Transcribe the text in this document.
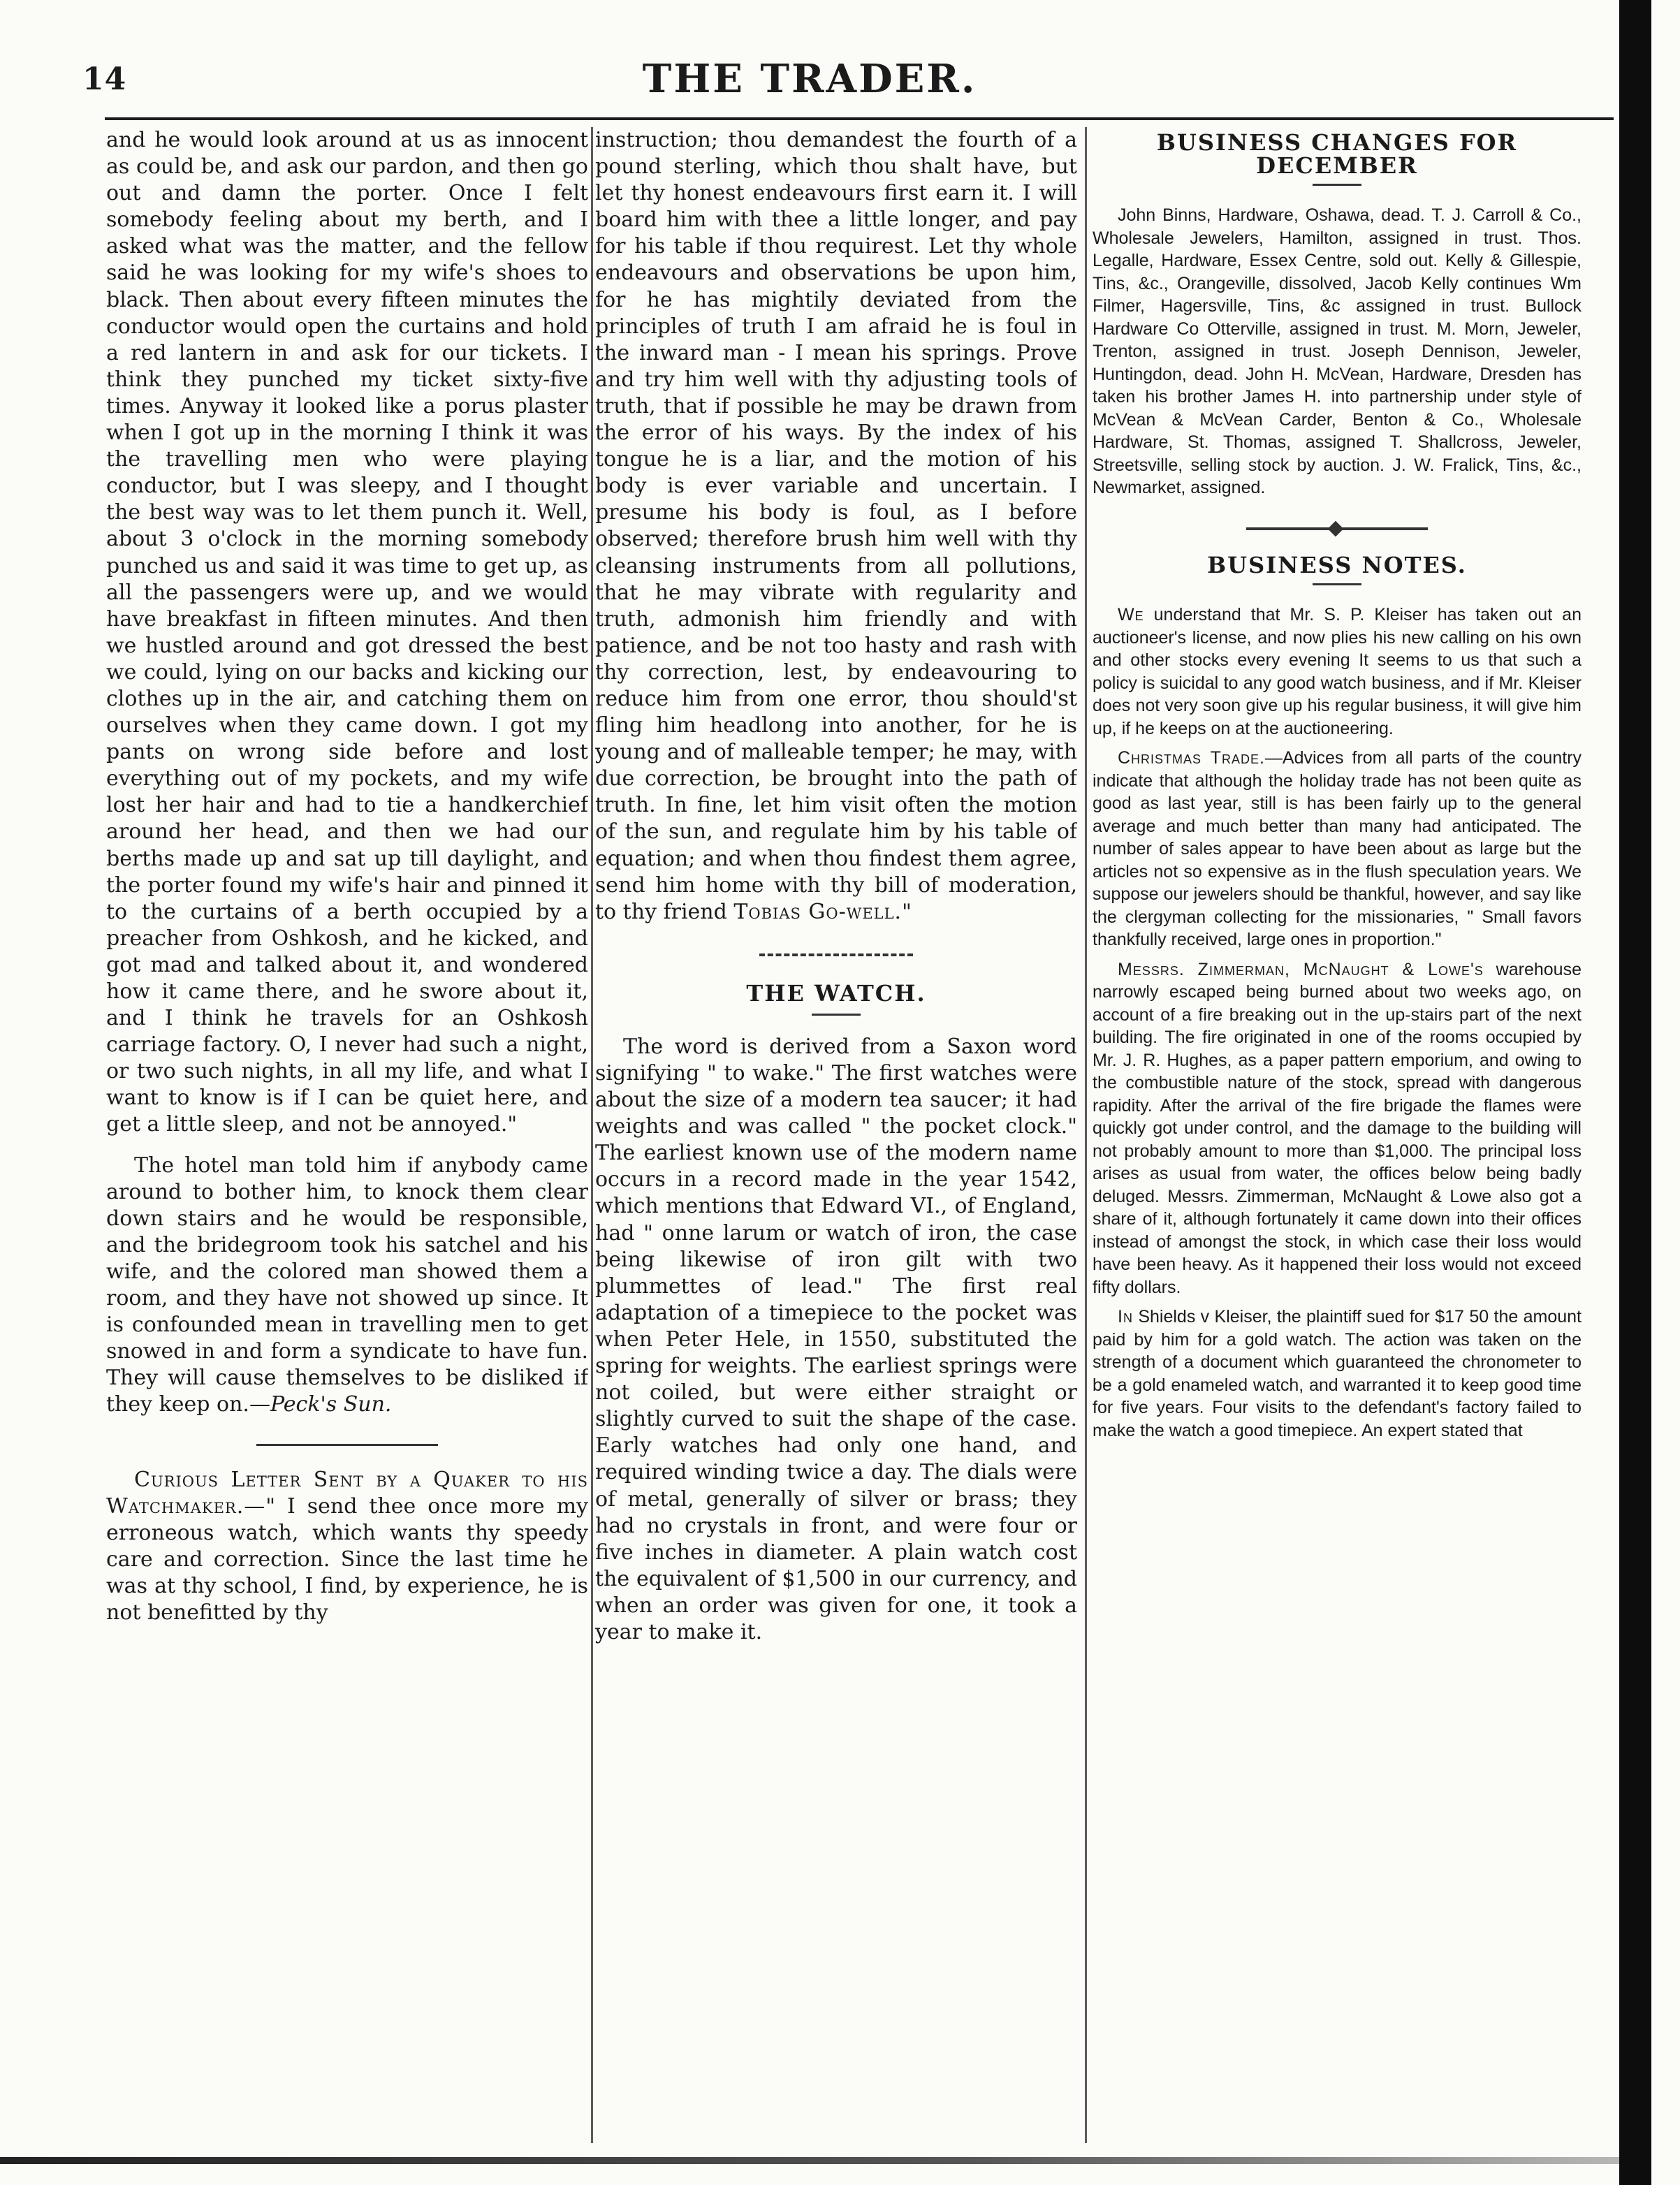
14	THE TRADER.

and he would look around at us as innocent as could be, and ask our pardon, and then go out and damn the porter. Once I felt somebody feeling about my berth, and I asked what was the matter, and the fellow said he was looking for my wife's shoes to black. Then about every fifteen minutes the conductor would open the curtains and hold a red lantern in and ask for our tickets. I think they punched my ticket sixty-five times. Anyway it looked like a porus plaster when I got up in the morning I think it was the travelling men who were playing conductor, but I was sleepy, and I thought the best way was to let them punch it. Well, about 3 o'clock in the morning somebody punched us and said it was time to get up, as all the passengers were up, and we would have breakfast in fifteen minutes. And then we hustled around and got dressed the best we could, lying on our backs and kicking our clothes up in the air, and catching them on ourselves when they came down. I got my pants on wrong side before and lost everything out of my pockets, and my wife lost her hair and had to tie a handkerchief around her head, and then we had our berths made up and sat up till daylight, and the porter found my wife's hair and pinned it to the curtains of a berth occupied by a preacher from Oshkosh, and he kicked, and got mad and talked about it, and wondered how it came there, and he swore about it, and I think he travels for an Oshkosh carriage factory. O, I never had such a night, or two such nights, in all my life, and what I want to know is if I can be quiet here, and get a little sleep, and not be annoyed."

The hotel man told him if anybody came around to bother him, to knock them clear down stairs and he would be responsible, and the bridegroom took his satchel and his wife, and the colored man showed them a room, and they have not showed up since. It is confounded mean in travelling men to get snowed in and form a syndicate to have fun. They will cause themselves to be disliked if they keep on.—Peck's Sun.

Curious Letter Sent by a Quaker to his Watchmaker.—" I send thee once more my erroneous watch, which wants thy speedy care and correction. Since the last time he was at thy school, I find, by experience, he is not benefitted by thy

instruction; thou demandest the fourth of a pound sterling, which thou shalt have, but let thy honest endeavours first earn it. I will board him with thee a little longer, and pay for his table if thou requirest. Let thy whole endeavours and observations be upon him, for he has mightily deviated from the principles of truth I am afraid he is foul in the inward man - I mean his springs. Prove and try him well with thy adjusting tools of truth, that if possible he may be drawn from the error of his ways. By the index of his tongue he is a liar, and the motion of his body is ever variable and uncertain. I presume his body is foul, as I before observed; therefore brush him well with thy cleansing instruments from all pollutions, that he may vibrate with regularity and truth, admonish him friendly and with patience, and be not too hasty and rash with thy correction, lest, by endeavouring to reduce him from one error, thou should'st fling him headlong into another, for he is young and of malleable temper; he may, with due correction, be brought into the path of truth. In fine, let him visit often the motion of the sun, and regulate him by his table of equation; and when thou findest them agree, send him home with thy bill of moderation, to thy friend Tobias Go-well."

THE WATCH.

The word is derived from a Saxon word signifying " to wake." The first watches were about the size of a modern tea saucer; it had weights and was called " the pocket clock." The earliest known use of the modern name occurs in a record made in the year 1542, which mentions that Edward VI., of England, had " onne larum or watch of iron, the case being likewise of iron gilt with two plummettes of lead." The first real adaptation of a timepiece to the pocket was when Peter Hele, in 1550, substituted the spring for weights. The earliest springs were not coiled, but were either straight or slightly curved to suit the shape of the case. Early watches had only one hand, and required winding twice a day. The dials were of metal, generally of silver or brass; they had no crystals in front, and were four or five inches in diameter. A plain watch cost the equivalent of $1,500 in our currency, and when an order was given for one, it took a year to make it.

BUSINESS CHANGES FOR DECEMBER

John Binns, Hardware, Oshawa, dead. T. J. Carroll & Co., Wholesale Jewelers, Hamilton, assigned in trust. Thos. Legalle, Hardware, Essex Centre, sold out. Kelly & Gillespie, Tins, &c., Orangeville, dissolved, Jacob Kelly continues Wm Filmer, Hagersville, Tins, &c assigned in trust. Bullock Hardware Co Otterville, assigned in trust. M. Morn, Jeweler, Trenton, assigned in trust. Joseph Dennison, Jeweler, Huntingdon, dead. John H. McVean, Hardware, Dresden has taken his brother James H. into partnership under style of McVean & McVean Carder, Benton & Co., Wholesale Hardware, St. Thomas, assigned T. Shallcross, Jeweler, Streetsville, selling stock by auction. J. W. Fralick, Tins, &c., Newmarket, assigned.

BUSINESS NOTES.

We understand that Mr. S. P. Kleiser has taken out an auctioneer's license, and now plies his new calling on his own and other stocks every evening It seems to us that such a policy is suicidal to any good watch business, and if Mr. Kleiser does not very soon give up his regular business, it will give him up, if he keeps on at the auctioneering.

Christmas Trade.—Advices from all parts of the country indicate that although the holiday trade has not been quite as good as last year, still is has been fairly up to the general average and much better than many had anticipated. The number of sales appear to have been about as large but the articles not so expensive as in the flush speculation years. We suppose our jewelers should be thankful, however, and say like the clergyman collecting for the missionaries, " Small favors thankfully received, large ones in proportion."

Messrs. Zimmerman, McNaught & Lowe's warehouse narrowly escaped being burned about two weeks ago, on account of a fire breaking out in the up-stairs part of the next building. The fire originated in one of the rooms occupied by Mr. J. R. Hughes, as a paper pattern emporium, and owing to the combustible nature of the stock, spread with dangerous rapidity. After the arrival of the fire brigade the flames were quickly got under control, and the damage to the building will not probably amount to more than $1,000. The principal loss arises as usual from water, the offices below being badly deluged. Messrs. Zimmerman, McNaught & Lowe also got a share of it, although fortunately it came down into their offices instead of amongst the stock, in which case their loss would have been heavy. As it happened their loss would not exceed fifty dollars.

In Shields v Kleiser, the plaintiff sued for $17 50 the amount paid by him for a gold watch. The action was taken on the strength of a document which guaranteed the chronometer to be a gold enameled watch, and warranted it to keep good time for five years. Four visits to the defendant's factory failed to make the watch a good timepiece. An expert stated that
